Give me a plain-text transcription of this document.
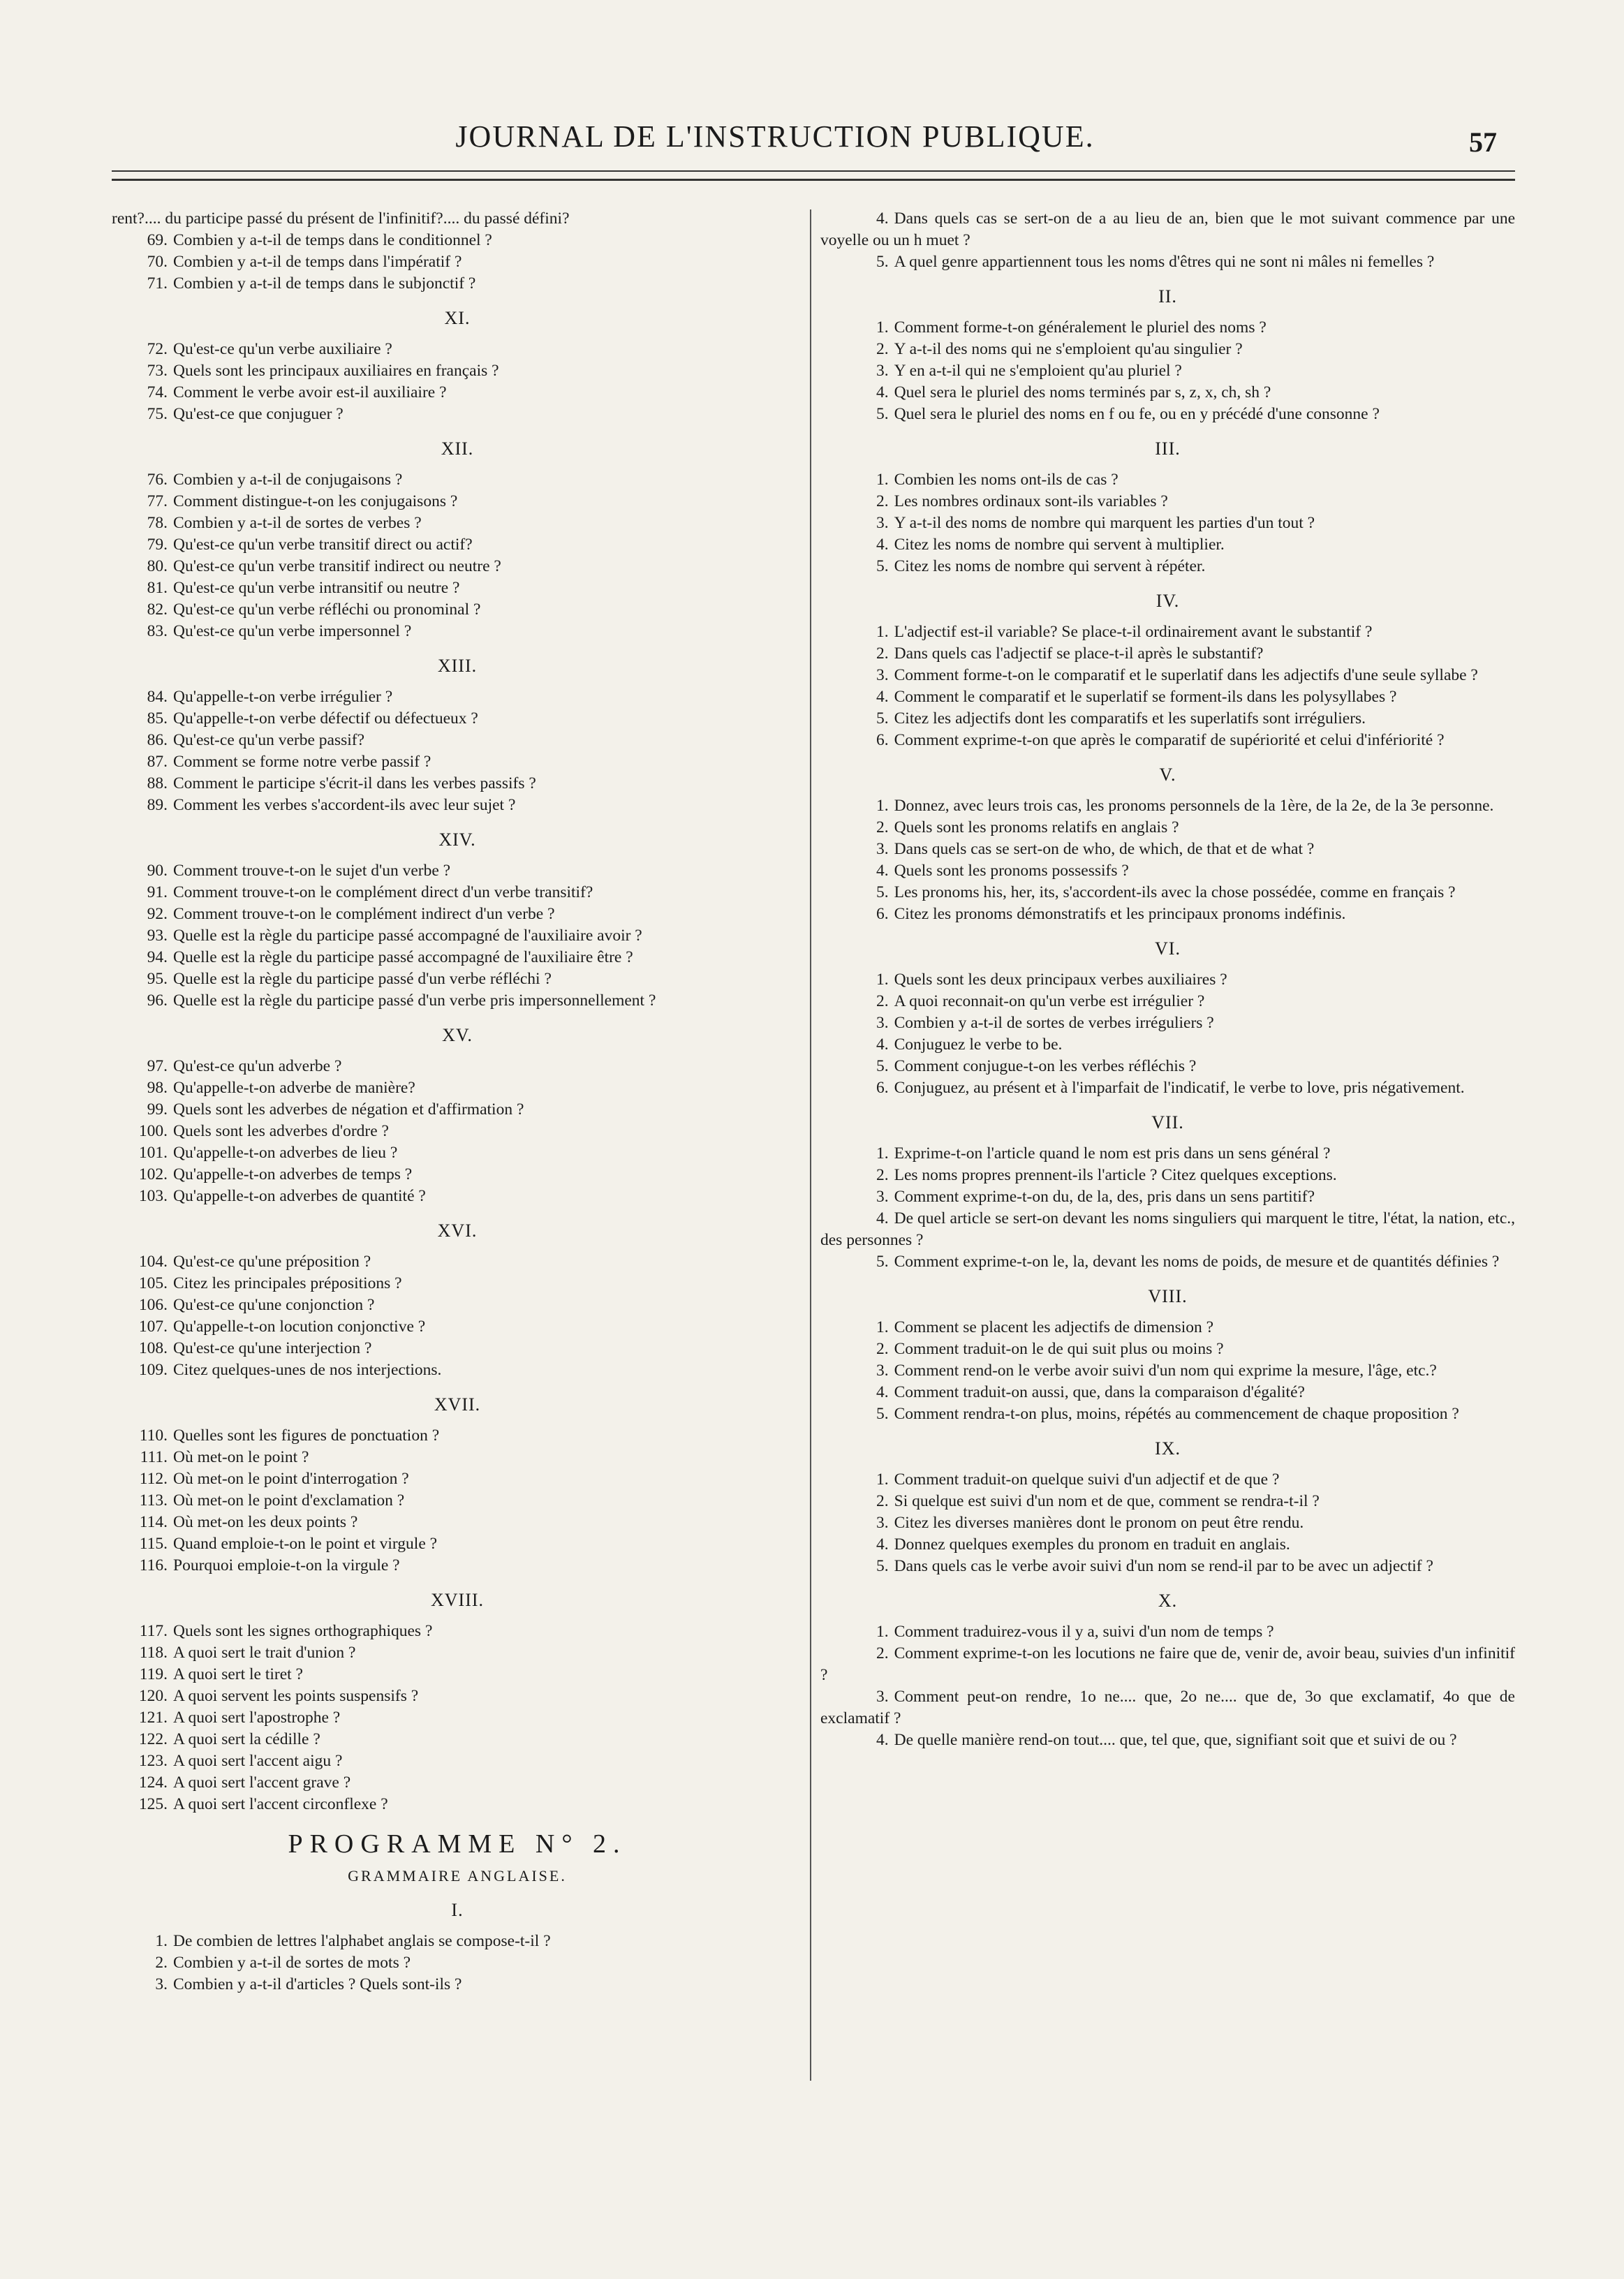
JOURNAL DE L'INSTRUCTION PUBLIQUE.	57
rent?.... du participe passé du présent de l'infinitif?.... du passé défini?
69. Combien y a-t-il de temps dans le conditionnel ?
70. Combien y a-t-il de temps dans l'impératif ?
71. Combien y a-t-il de temps dans le subjonctif ?
XI.
72. Qu'est-ce qu'un verbe auxiliaire ?
73. Quels sont les principaux auxiliaires en français ?
74. Comment le verbe avoir est-il auxiliaire ?
75. Qu'est-ce que conjuguer ?
XII.
76. Combien y a-t-il de conjugaisons ?
77. Comment distingue-t-on les conjugaisons ?
78. Combien y a-t-il de sortes de verbes ?
79. Qu'est-ce qu'un verbe transitif direct ou actif?
80. Qu'est-ce qu'un verbe transitif indirect ou neutre ?
81. Qu'est-ce qu'un verbe intransitif ou neutre ?
82. Qu'est-ce qu'un verbe réfléchi ou pronominal ?
83. Qu'est-ce qu'un verbe impersonnel ?
XIII.
84. Qu'appelle-t-on verbe irrégulier ?
85. Qu'appelle-t-on verbe défectif ou défectueux ?
86. Qu'est-ce qu'un verbe passif?
87. Comment se forme notre verbe passif ?
88. Comment le participe s'écrit-il dans les verbes passifs ?
89. Comment les verbes s'accordent-ils avec leur sujet ?
XIV.
90. Comment trouve-t-on le sujet d'un verbe ?
91. Comment trouve-t-on le complément direct d'un verbe transitif?
92. Comment trouve-t-on le complément indirect d'un verbe ?
93. Quelle est la règle du participe passé accompagné de l'auxiliaire avoir ?
94. Quelle est la règle du participe passé accompagné de l'auxiliaire être ?
95. Quelle est la règle du participe passé d'un verbe réfléchi ?
96. Quelle est la règle du participe passé d'un verbe pris impersonnellement ?
XV.
97. Qu'est-ce qu'un adverbe ?
98. Qu'appelle-t-on adverbe de manière?
99. Quels sont les adverbes de négation et d'affirmation ?
100. Quels sont les adverbes d'ordre ?
101. Qu'appelle-t-on adverbes de lieu ?
102. Qu'appelle-t-on adverbes de temps ?
103. Qu'appelle-t-on adverbes de quantité ?
XVI.
104. Qu'est-ce qu'une préposition ?
105. Citez les principales prépositions ?
106. Qu'est-ce qu'une conjonction ?
107. Qu'appelle-t-on locution conjonctive ?
108. Qu'est-ce qu'une interjection ?
109. Citez quelques-unes de nos interjections.
XVII.
110. Quelles sont les figures de ponctuation ?
111. Où met-on le point ?
112. Où met-on le point d'interrogation ?
113. Où met-on le point d'exclamation ?
114. Où met-on les deux points ?
115. Quand emploie-t-on le point et virgule ?
116. Pourquoi emploie-t-on la virgule ?
XVIII.
117. Quels sont les signes orthographiques ?
118. A quoi sert le trait d'union ?
119. A quoi sert le tiret ?
120. A quoi servent les points suspensifs ?
121. A quoi sert l'apostrophe ?
122. A quoi sert la cédille ?
123. A quoi sert l'accent aigu ?
124. A quoi sert l'accent grave ?
125. A quoi sert l'accent circonflexe ?
PROGRAMME N° 2.
GRAMMAIRE ANGLAISE.
I.
1. De combien de lettres l'alphabet anglais se compose-t-il ?
2. Combien y a-t-il de sortes de mots ?
3. Combien y a-t-il d'articles ? Quels sont-ils ?
4. Dans quels cas se sert-on de a au lieu de an, bien que le mot suivant commence par une voyelle ou un h muet ?
5. A quel genre appartiennent tous les noms d'êtres qui ne sont ni mâles ni femelles ?
II.
1. Comment forme-t-on généralement le pluriel des noms ?
2. Y a-t-il des noms qui ne s'emploient qu'au singulier ?
3. Y en a-t-il qui ne s'emploient qu'au pluriel ?
4. Quel sera le pluriel des noms terminés par s, z, x, ch, sh ?
5. Quel sera le pluriel des noms en f ou fe, ou en y précédé d'une consonne ?
III.
1. Combien les noms ont-ils de cas ?
2. Les nombres ordinaux sont-ils variables ?
3. Y a-t-il des noms de nombre qui marquent les parties d'un tout ?
4. Citez les noms de nombre qui servent à multiplier.
5. Citez les noms de nombre qui servent à répéter.
IV.
1. L'adjectif est-il variable? Se place-t-il ordinairement avant le substantif ?
2. Dans quels cas l'adjectif se place-t-il après le substantif?
3. Comment forme-t-on le comparatif et le superlatif dans les adjectifs d'une seule syllabe ?
4. Comment le comparatif et le superlatif se forment-ils dans les polysyllabes ?
5. Citez les adjectifs dont les comparatifs et les superlatifs sont irréguliers.
6. Comment exprime-t-on que après le comparatif de supériorité et celui d'infériorité ?
V.
1. Donnez, avec leurs trois cas, les pronoms personnels de la 1ère, de la 2e, de la 3e personne.
2. Quels sont les pronoms relatifs en anglais ?
3. Dans quels cas se sert-on de who, de which, de that et de what ?
4. Quels sont les pronoms possessifs ?
5. Les pronoms his, her, its, s'accordent-ils avec la chose possédée, comme en français ?
6. Citez les pronoms démonstratifs et les principaux pronoms indéfinis.
VI.
1. Quels sont les deux principaux verbes auxiliaires ?
2. A quoi reconnait-on qu'un verbe est irrégulier ?
3. Combien y a-t-il de sortes de verbes irréguliers ?
4. Conjuguez le verbe to be.
5. Comment conjugue-t-on les verbes réfléchis ?
6. Conjuguez, au présent et à l'imparfait de l'indicatif, le verbe to love, pris négativement.
VII.
1. Exprime-t-on l'article quand le nom est pris dans un sens général ?
2. Les noms propres prennent-ils l'article ? Citez quelques exceptions.
3. Comment exprime-t-on du, de la, des, pris dans un sens partitif?
4. De quel article se sert-on devant les noms singuliers qui marquent le titre, l'état, la nation, etc., des personnes ?
5. Comment exprime-t-on le, la, devant les noms de poids, de mesure et de quantités définies ?
VIII.
1. Comment se placent les adjectifs de dimension ?
2. Comment traduit-on le de qui suit plus ou moins ?
3. Comment rend-on le verbe avoir suivi d'un nom qui exprime la mesure, l'âge, etc.?
4. Comment traduit-on aussi, que, dans la comparaison d'égalité?
5. Comment rendra-t-on plus, moins, répétés au commencement de chaque proposition ?
IX.
1. Comment traduit-on quelque suivi d'un adjectif et de que ?
2. Si quelque est suivi d'un nom et de que, comment se rendra-t-il ?
3. Citez les diverses manières dont le pronom on peut être rendu.
4. Donnez quelques exemples du pronom en traduit en anglais.
5. Dans quels cas le verbe avoir suivi d'un nom se rend-il par to be avec un adjectif ?
X.
1. Comment traduirez-vous il y a, suivi d'un nom de temps ?
2. Comment exprime-t-on les locutions ne faire que de, venir de, avoir beau, suivies d'un infinitif ?
3. Comment peut-on rendre, 1o ne.... que, 2o ne.... que de, 3o que exclamatif, 4o que de exclamatif ?
4. De quelle manière rend-on tout.... que, tel que, que, signifiant soit que et suivi de ou ?
